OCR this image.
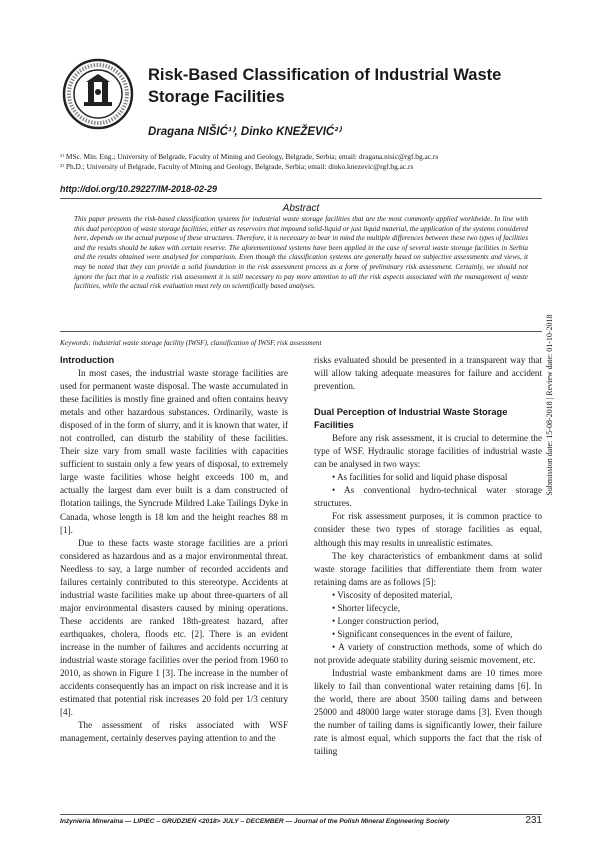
Risk-Based Classification of Industrial Waste Storage Facilities

Dragana NIŠIĆ¹⁾, Dinko KNEŽEVIĆ²⁾

¹⁾ MSc. Min. Eng.; University of Belgrade, Faculty of Mining and Geology, Belgrade, Serbia; email: dragana.nisic@rgf.bg.ac.rs

²⁾ Ph.D.; University of Belgrade, Faculty of Mining and Geology, Belgrade, Serbia; email: dinko.knezevic@rgf.bg.ac.rs

http://doi.org/10.29227/IM-2018-02-29

Abstract

This paper presents the risk-based classification systems for industrial waste storage facilities that are the most commonly applied worldwide. In line with this dual perception of waste storage facilities, either as reservoirs that impound solid-liquid or just liquid material, the application of the systems considered here, depends on the actual purpose of these structures. Therefore, it is necessary to bear in mind the multiple differences between these two types of facilities and the results should be taken with certain reserve. The aforementioned systems have been applied in the case of several waste storage facilities in Serbia and the results obtained were analysed for comparison. Even though the classification systems are generally based on subjective assessments and views, it may be noted that they can provide a solid foundation in the risk assessment process as a form of preliminary risk assessment. Certainly, we should not ignore the fact that in a realistic risk assessment it is still necessary to pay more attention to all the risk aspects associated with the management of waste facilities, while the actual risk evaluation must rely on scientifically based analyses.

Keywords: industrial waste storage facility (IWSF), classification of IWSF, risk assessment

Introduction

In most cases, the industrial waste storage facilities are used for permanent waste disposal. The waste accumulated in these facilities is mostly fine grained and often contains heavy metals and other hazardous substances. Ordinarily, waste is disposed of in the form of slurry, and it is known that water, if not controlled, can disturb the stability of these facilities. Their size vary from small waste facilities with capacities sufficient to sustain only a few years of disposal, to extremely large waste facilities whose height exceeds 100 m, and actually the largest dam ever built is a dam constructed of flotation tailings, the Syncrude Mildred Lake Tailings Dyke in Canada, whose length is 18 km and the height reaches 88 m [1].

Due to these facts waste storage facilities are a priori considered as hazardous and as a major environmental threat. Needless to say, a large number of recorded accidents and failures certainly contributed to this stereotype. Accidents at industrial waste facilities make up about three-quarters of all major environmental disasters caused by mining operations. These accidents are ranked 18th-greatest hazard, after earthquakes, cholera, floods etc. [2]. There is an evident increase in the number of failures and accidents occurring at industrial waste storage facilities over the period from 1960 to 2010, as shown in Figure 1 [3]. The increase in the number of accidents consequently has an impact on risk increase and it is estimated that potential risk increases 20 fold per 1/3 century [4].

The assessment of risks associated with WSF management, certainly deserves paying attention to and the

risks evaluated should be presented in a transparent way that will allow taking adequate measures for failure and accident prevention.

Dual Perception of Industrial Waste Storage Facilities

Before any risk assessment, it is crucial to determine the type of WSF. Hydraulic storage facilities of industrial waste can be analysed in two ways:

• As facilities for solid and liquid phase disposal

• As conventional hydro-technical water storage structures.

For risk assessment purposes, it is common practice to consider these two types of storage facilities as equal, although this may results in unrealistic estimates.

The key characteristics of embankment dams at solid waste storage facilities that differentiate them from water retaining dams are as follows [5]:

• Viscosity of deposited material,

• Shorter lifecycle,

• Longer construction period,

• Significant consequences in the event of failure,

• A variety of construction methods, some of which do not provide adequate stability during seismic movement, etc.

Industrial waste embankment dams are 10 times more likely to fail than conventional water retaining dams [6]. In the world, there are about 3500 tailing dams and between 25000 and 48000 large water storage dams [3]. Even though the number of tailing dams is significantly lower, their failure rate is almost equal, which supports the fact that the risk of tailing

Submission date: 15-08-2018 | Review date: 01-10-2018

Inżynieria Mineralna — LIPIEC – GRUDZIEŃ <2018> JULY – DECEMBER — Journal of the Polish Mineral Engineering Society	231
